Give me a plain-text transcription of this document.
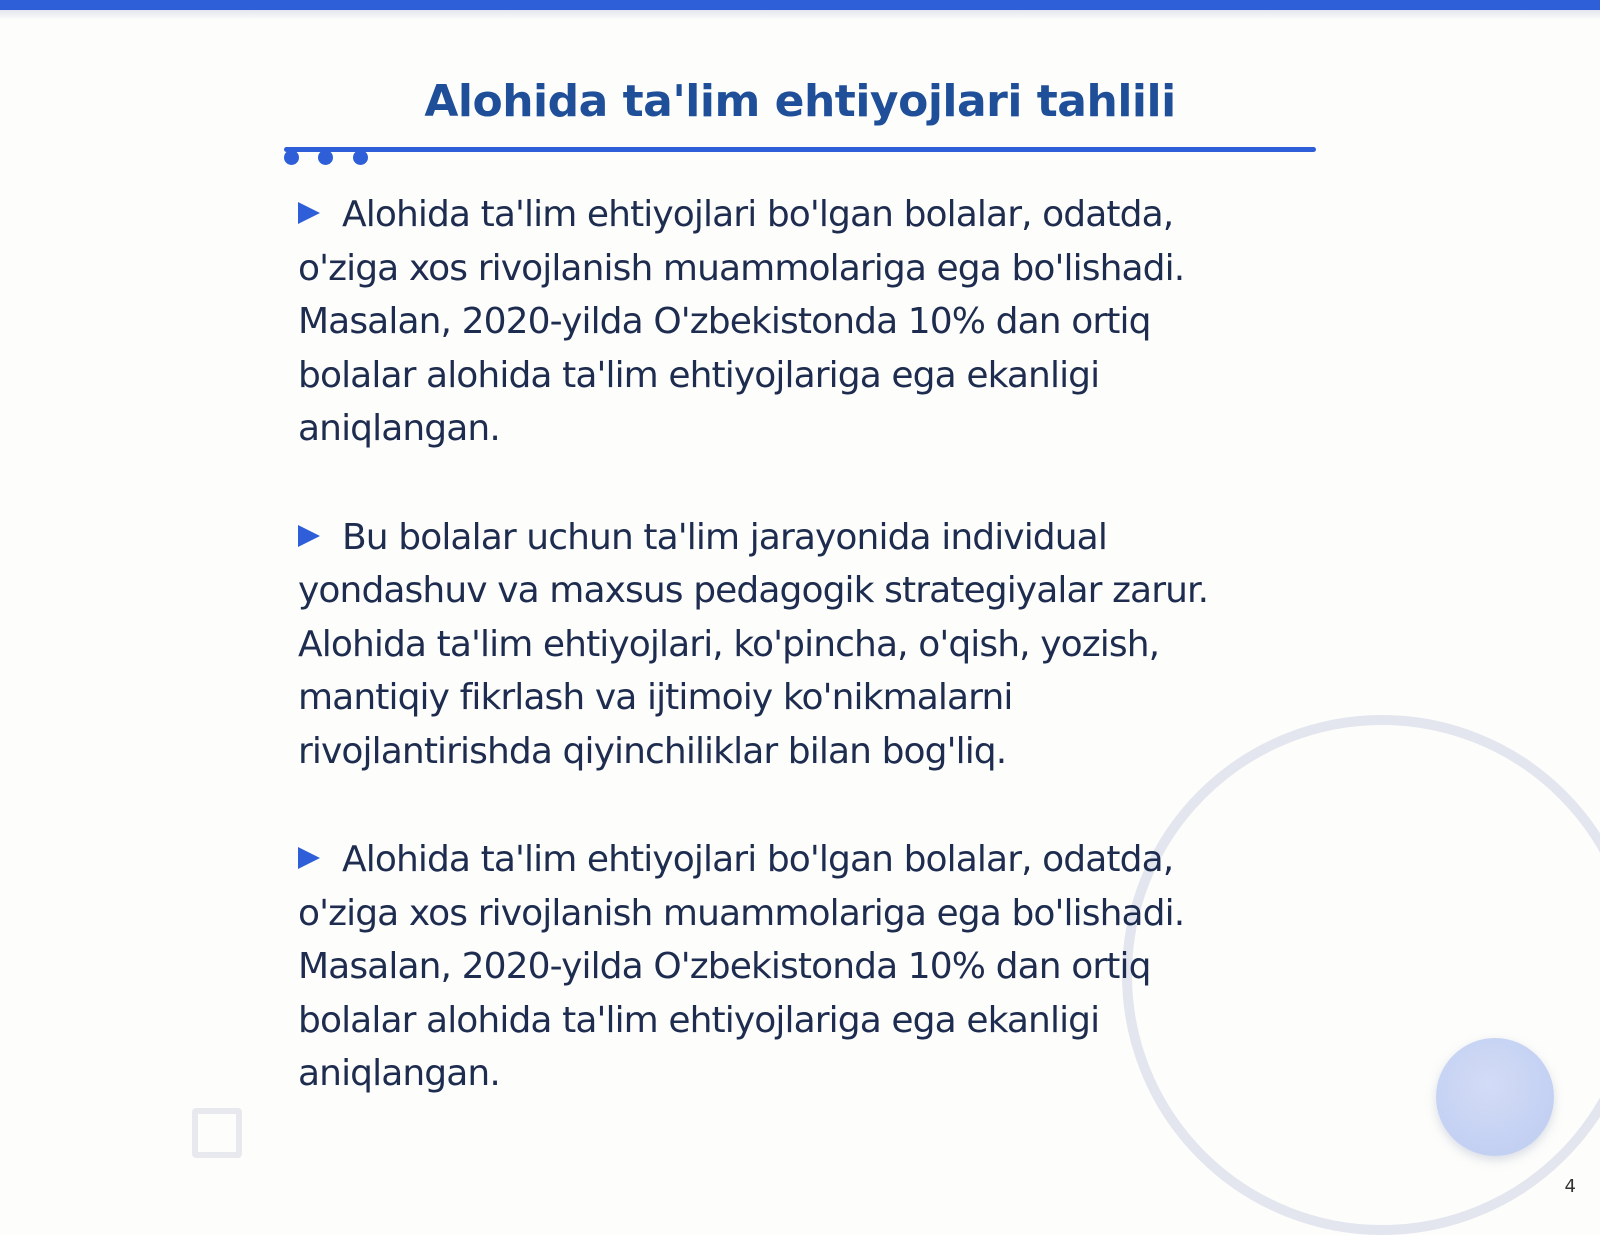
Alohida ta'lim ehtiyojlari tahlili
Alohida ta'lim ehtiyojlari bo'lgan bolalar, odatda,
o'ziga xos rivojlanish muammolariga ega bo'lishadi.
Masalan, 2020-yilda O'zbekistonda 10% dan ortiq
bolalar alohida ta'lim ehtiyojlariga ega ekanligi
aniqlangan.
Bu bolalar uchun ta'lim jarayonida individual
yondashuv va maxsus pedagogik strategiyalar zarur.
Alohida ta'lim ehtiyojlari, ko'pincha, o'qish, yozish,
mantiqiy fikrlash va ijtimoiy ko'nikmalarni
rivojlantirishda qiyinchiliklar bilan bog'liq.
Alohida ta'lim ehtiyojlari bo'lgan bolalar, odatda,
o'ziga xos rivojlanish muammolariga ega bo'lishadi.
Masalan, 2020-yilda O'zbekistonda 10% dan ortiq
bolalar alohida ta'lim ehtiyojlariga ega ekanligi
aniqlangan.
4
